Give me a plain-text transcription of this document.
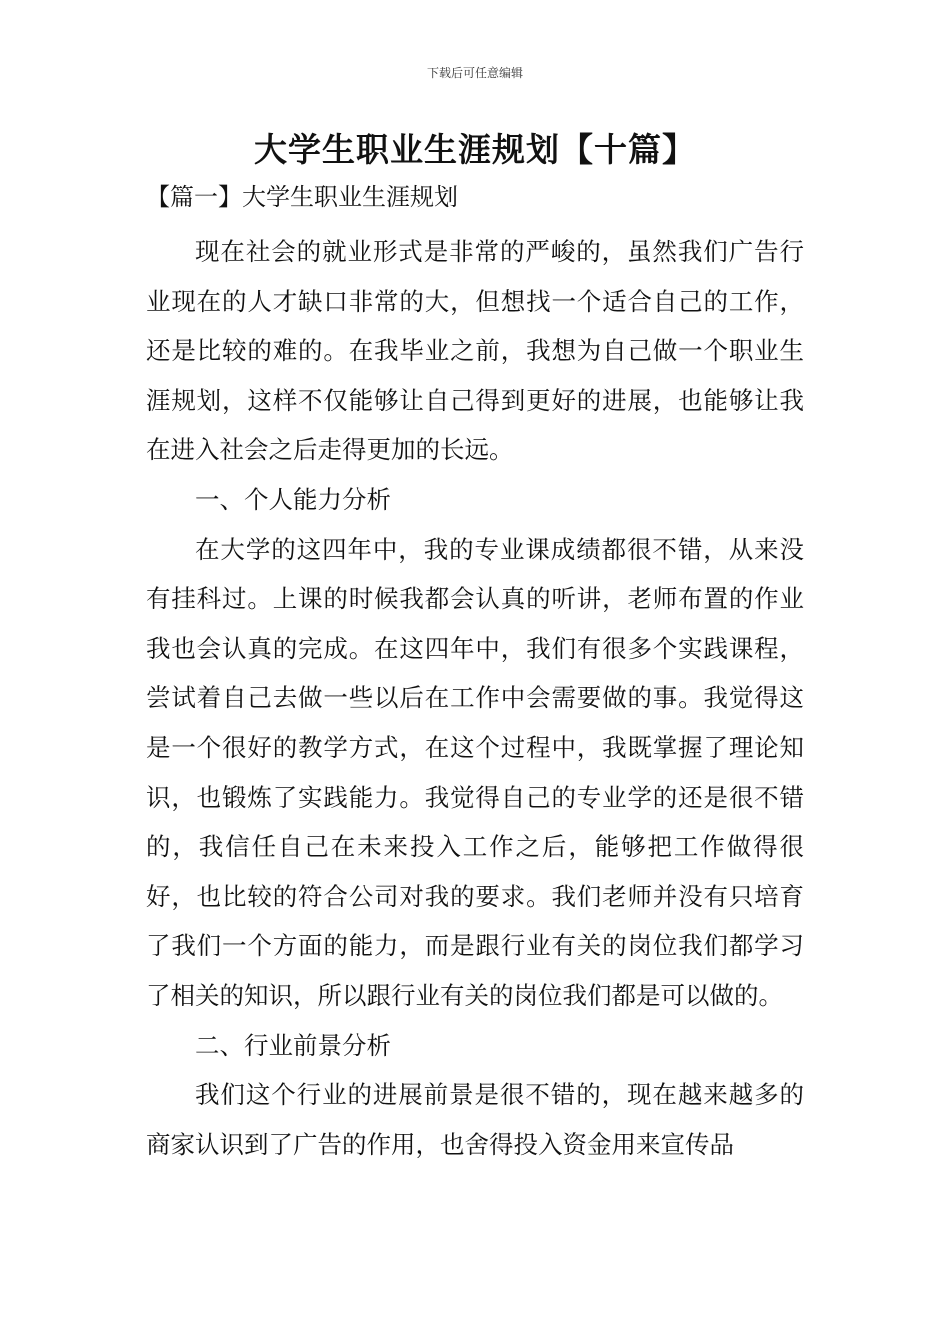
下载后可任意编辑
大学生职业生涯规划【十篇】
【篇一】大学生职业生涯规划

现在社会的就业形式是非常的严峻的，虽然我们广告行业现在的人才缺口非常的大，但想找一个适合自己的工作，还是比较的难的。在我毕业之前，我想为自己做一个职业生涯规划，这样不仅能够让自己得到更好的进展，也能够让我在进入社会之后走得更加的长远。

一、个人能力分析

在大学的这四年中，我的专业课成绩都很不错，从来没有挂科过。上课的时候我都会认真的听讲，老师布置的作业我也会认真的完成。在这四年中，我们有很多个实践课程，尝试着自己去做一些以后在工作中会需要做的事。我觉得这是一个很好的教学方式，在这个过程中，我既掌握了理论知识，也锻炼了实践能力。我觉得自己的专业学的还是很不错的，我信任自己在未来投入工作之后，能够把工作做得很好，也比较的符合公司对我的要求。我们老师并没有只培育了我们一个方面的能力，而是跟行业有关的岗位我们都学习了相关的知识，所以跟行业有关的岗位我们都是可以做的。

二、行业前景分析

我们这个行业的进展前景是很不错的，现在越来越多的商家认识到了广告的作用，也舍得投入资金用来宣传品
